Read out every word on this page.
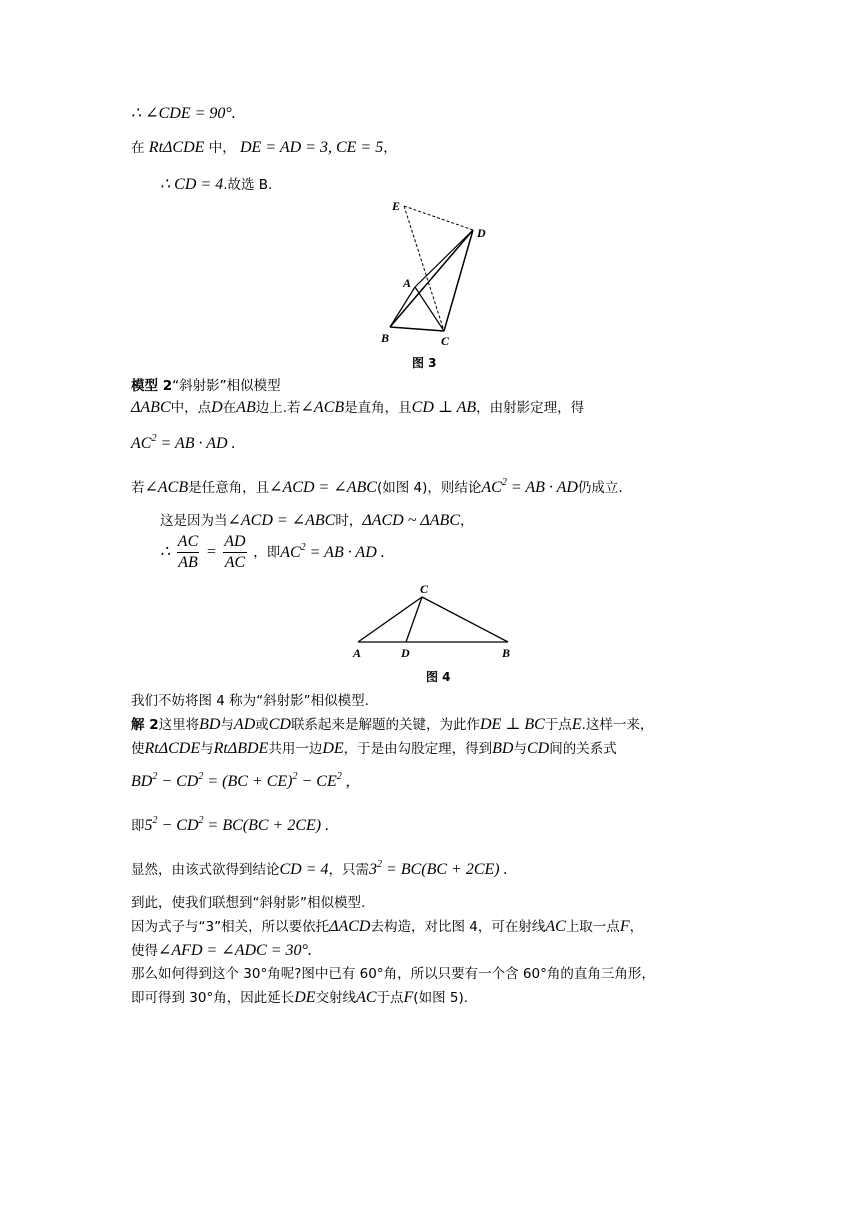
∴ ∠CDE = 90°.
在 RtΔCDE 中， DE = AD = 3, CE = 5，
∴ CD = 4.故选 B.
E
D
A
B	C
图 3
模型 2“斜射影”相似模型
ΔABC中，点D在AB边上.若∠ACB是直角，且CD ⊥ AB，由射影定理，得
$AC^2$ = AB · AD .
若∠ACB是任意角，且∠ACD = ∠ABC(如图 4)，则结论$AC^2$ = AB · AD仍成立.
这是因为当∠ACD = ∠ABC时，ΔACD ~ ΔABC，
∴ $\frac{AC}{AB} = \frac{AD}{AC}$ ，即$AC^2$ = AB · AD .
C
A	D	B
图 4
我们不妨将图 4 称为“斜射影”相似模型.
解 2这里将BD与AD或CD联系起来是解题的关键，为此作DE ⊥ BC于点E.这样一来，
使RtΔCDE与RtΔBDE共用一边DE，于是由勾股定理，得到BD与CD间的关系式
$BD^2 - CD^2 = (BC + CE)^2 - CE^2$ ,
即$5^2 - CD^2 = BC(BC + 2CE)$ .
显然，由该式欲得到结论CD = 4，只需$3^2 = BC(BC + 2CE)$ .
到此，使我们联想到“斜射影”相似模型.
因为式子与“3”相关，所以要依托ΔACD去构造，对比图 4，可在射线AC上取一点F，
使得∠AFD = ∠ADC = 30°.
那么如何得到这个 30°角呢?图中已有 60°角，所以只要有一个含 60°角的直角三角形，
即可得到 30°角，因此延长DE交射线AC于点F(如图 5).
